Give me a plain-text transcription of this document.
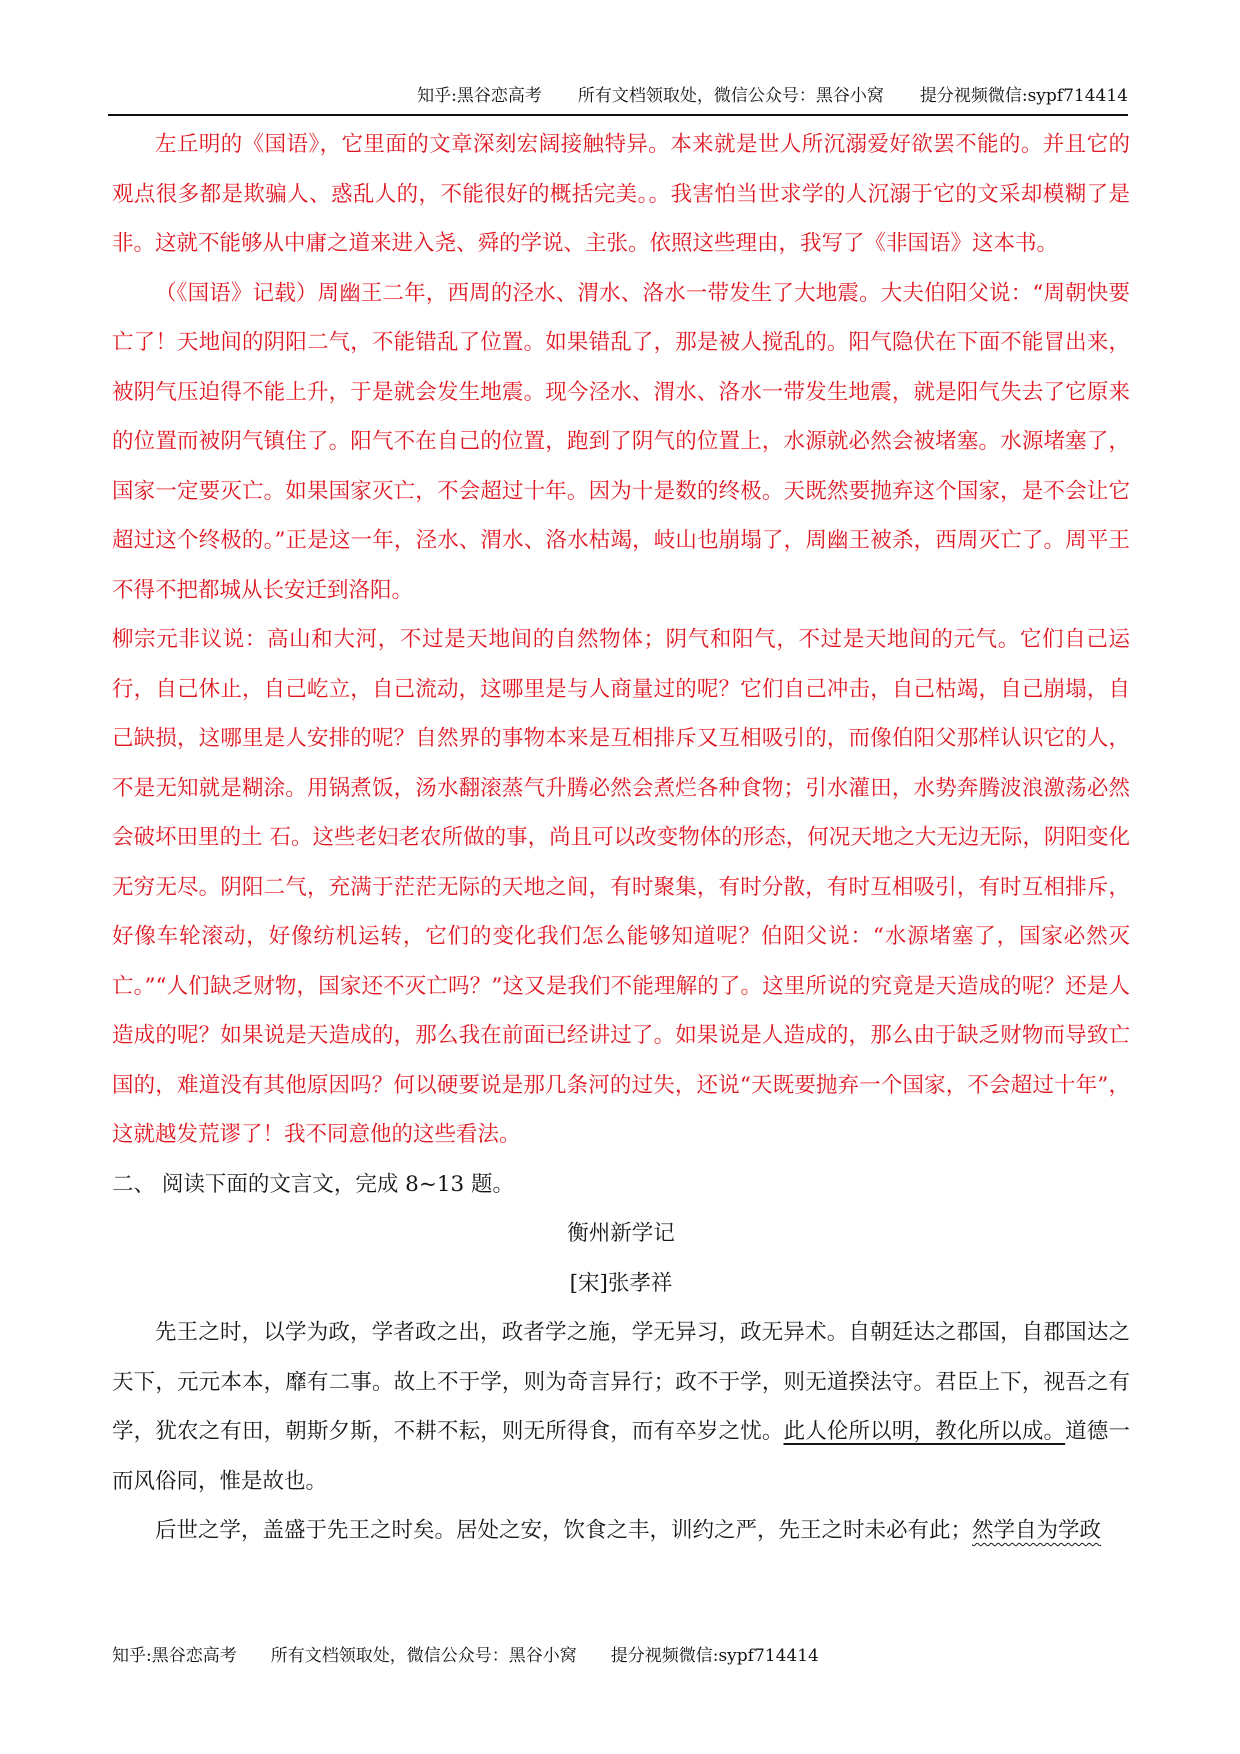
知乎:黑谷恋高考 所有文档领取处，微信公众号：黑谷小窝 提分视频微信:sypf714414

左丘明的《国语》，它里面的文章深刻宏阔接触特异。本来就是世人所沉溺爱好欲罢不能的。并且它的观点很多都是欺骗人、惑乱人的，不能很好的概括完美。。我害怕当世求学的人沉溺于它的文采却模糊了是非。这就不能够从中庸之道来进入尧、舜的学说、主张。依照这些理由，我写了《非国语》这本书。

（《国语》记载）周幽王二年，西周的泾水、渭水、洛水一带发生了大地震。大夫伯阳父说：“周朝快要亡了！天地间的阴阳二气，不能错乱了位置。如果错乱了，那是被人搅乱的。阳气隐伏在下面不能冒出来，被阴气压迫得不能上升，于是就会发生地震。现今泾水、渭水、洛水一带发生地震，就是阳气失去了它原来的位置而被阴气镇住了。阳气不在自己的位置，跑到了阴气的位置上，水源就必然会被堵塞。水源堵塞了，国家一定要灭亡。如果国家灭亡，不会超过十年。因为十是数的终极。天既然要抛弃这个国家，是不会让它超过这个终极的。”正是这一年，泾水、渭水、洛水枯竭，岐山也崩塌了，周幽王被杀，西周灭亡了。周平王不得不把都城从长安迁到洛阳。

柳宗元非议说：高山和大河，不过是天地间的自然物体；阴气和阳气，不过是天地间的元气。它们自己运行，自己休止，自己屹立，自己流动，这哪里是与人商量过的呢？它们自己冲击，自己枯竭，自己崩塌，自己缺损，这哪里是人安排的呢？自然界的事物本来是互相排斥又互相吸引的，而像伯阳父那样认识它的人，不是无知就是糊涂。用锅煮饭，汤水翻滚蒸气升腾必然会煮烂各种食物；引水灌田，水势奔腾波浪激荡必然会破坏田里的土 石。这些老妇老农所做的事，尚且可以改变物体的形态，何况天地之大无边无际，阴阳变化无穷无尽。阴阳二气，充满于茫茫无际的天地之间，有时聚集，有时分散，有时互相吸引，有时互相排斥，好像车轮滚动，好像纺机运转，它们的变化我们怎么能够知道呢？伯阳父说：“水源堵塞了，国家必然灭亡。”“人们缺乏财物，国家还不灭亡吗？”这又是我们不能理解的了。这里所说的究竟是天造成的呢？还是人造成的呢？如果说是天造成的，那么我在前面已经讲过了。如果说是人造成的，那么由于缺乏财物而导致亡国的，难道没有其他原因吗？何以硬要说是那几条河的过失，还说“天既要抛弃一个国家，不会超过十年”，这就越发荒谬了！我不同意他的这些看法。

二、 阅读下面的文言文，完成 8~13 题。

衡州新学记

[宋]张孝祥

先王之时，以学为政，学者政之出，政者学之施，学无异习，政无异术。自朝廷达之郡国，自郡国达之天下，元元本本，靡有二事。故上不于学，则为奇言异行；政不于学，则无道揆法守。君臣上下，视吾之有学，犹农之有田，朝斯夕斯，不耕不耘，则无所得食，而有卒岁之忧。此人伦所以明，教化所以成。道德一而风俗同，惟是故也。

后世之学，盖盛于先王之时矣。居处之安，饮食之丰，训约之严，先王之时未必有此；然学自为学政

知乎:黑谷恋高考 所有文档领取处，微信公众号：黑谷小窝 提分视频微信:sypf714414
